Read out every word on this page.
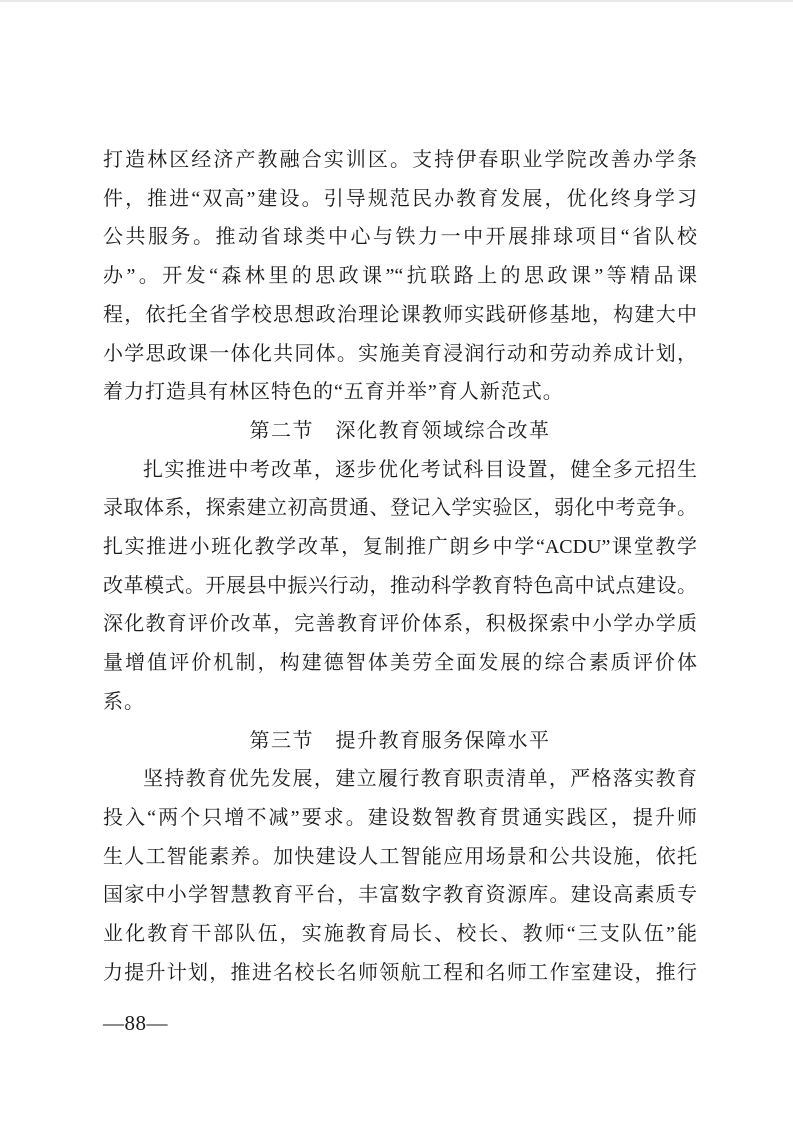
打造林区经济产教融合实训区。支持伊春职业学院改善办学条
件，推进“双高”建设。引导规范民办教育发展，优化终身学习
公共服务。推动省球类中心与铁力一中开展排球项目“省队校
办”。开发“森林里的思政课”“抗联路上的思政课”等精品课
程，依托全省学校思想政治理论课教师实践研修基地，构建大中
小学思政课一体化共同体。实施美育浸润行动和劳动养成计划，
着力打造具有林区特色的“五育并举”育人新范式。
第二节　深化教育领域综合改革
扎实推进中考改革，逐步优化考试科目设置，健全多元招生
录取体系，探索建立初高贯通、登记入学实验区，弱化中考竞争。
扎实推进小班化教学改革，复制推广朗乡中学“ACDU”课堂教学
改革模式。开展县中振兴行动，推动科学教育特色高中试点建设。
深化教育评价改革，完善教育评价体系，积极探索中小学办学质
量增值评价机制，构建德智体美劳全面发展的综合素质评价体
系。
第三节　提升教育服务保障水平
坚持教育优先发展，建立履行教育职责清单，严格落实教育
投入“两个只增不减”要求。建设数智教育贯通实践区，提升师
生人工智能素养。加快建设人工智能应用场景和公共设施，依托
国家中小学智慧教育平台，丰富数字教育资源库。建设高素质专
业化教育干部队伍，实施教育局长、校长、教师“三支队伍”能
力提升计划，推进名校长名师领航工程和名师工作室建设，推行
—88—
